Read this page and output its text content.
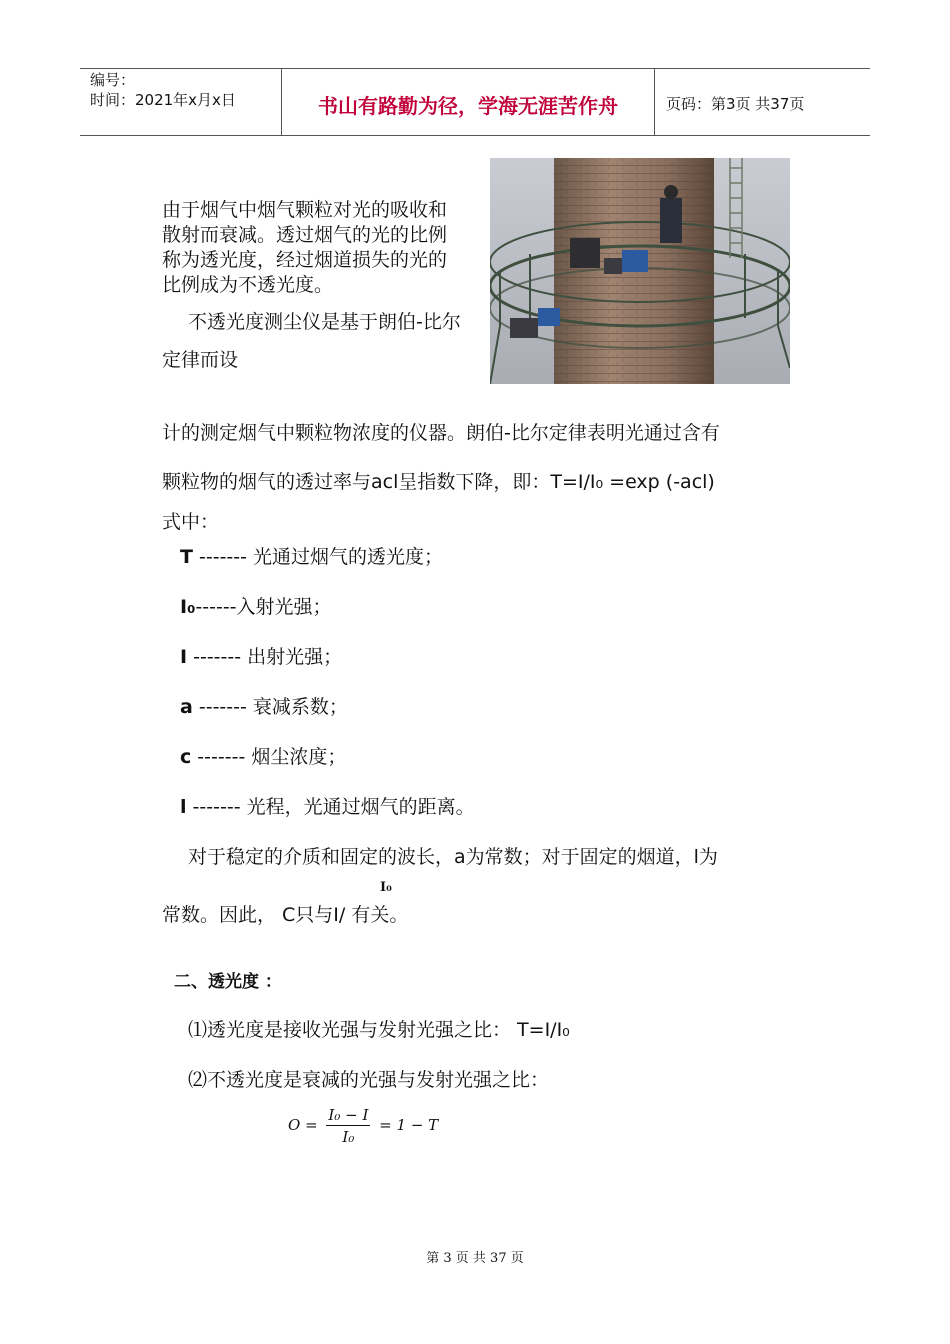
编号：
时间：2021年x月x日	书山有路勤为径，学海无涯苦作舟	页码：第3页 共37页
由于烟气中烟气颗粒对光的吸收和
散射而衰减。透过烟气的光的比例
称为透光度，经过烟道损失的光的
比例成为不透光度。
不透光度测尘仪是基于朗伯-比尔
定律而设
计的测定烟气中颗粒物浓度的仪器。朗伯-比尔定律表明光通过含有
颗粒物的烟气的透过率与acl呈指数下降，即：T=I/I₀ =exp (-acl)
式中：
T ------- 光通过烟气的透光度；
I₀------入射光强；
I ------- 出射光强；
a ------- 衰减系数；
c ------- 烟尘浓度；
l ------- 光程，光通过烟气的距离。
对于稳定的介质和固定的波长，a为常数；对于固定的烟道，l为
I₀
常数。因此， C只与I/ 有关。
二、透光度 ：
⑴透光度是接收光强与发射光强之比： T=I/I₀
⑵不透光度是衰减的光强与发射光强之比：
$O = \frac{\text{I₀ − I}}{\text{I₀}} = 1 - T$
第 3 页 共 37 页
